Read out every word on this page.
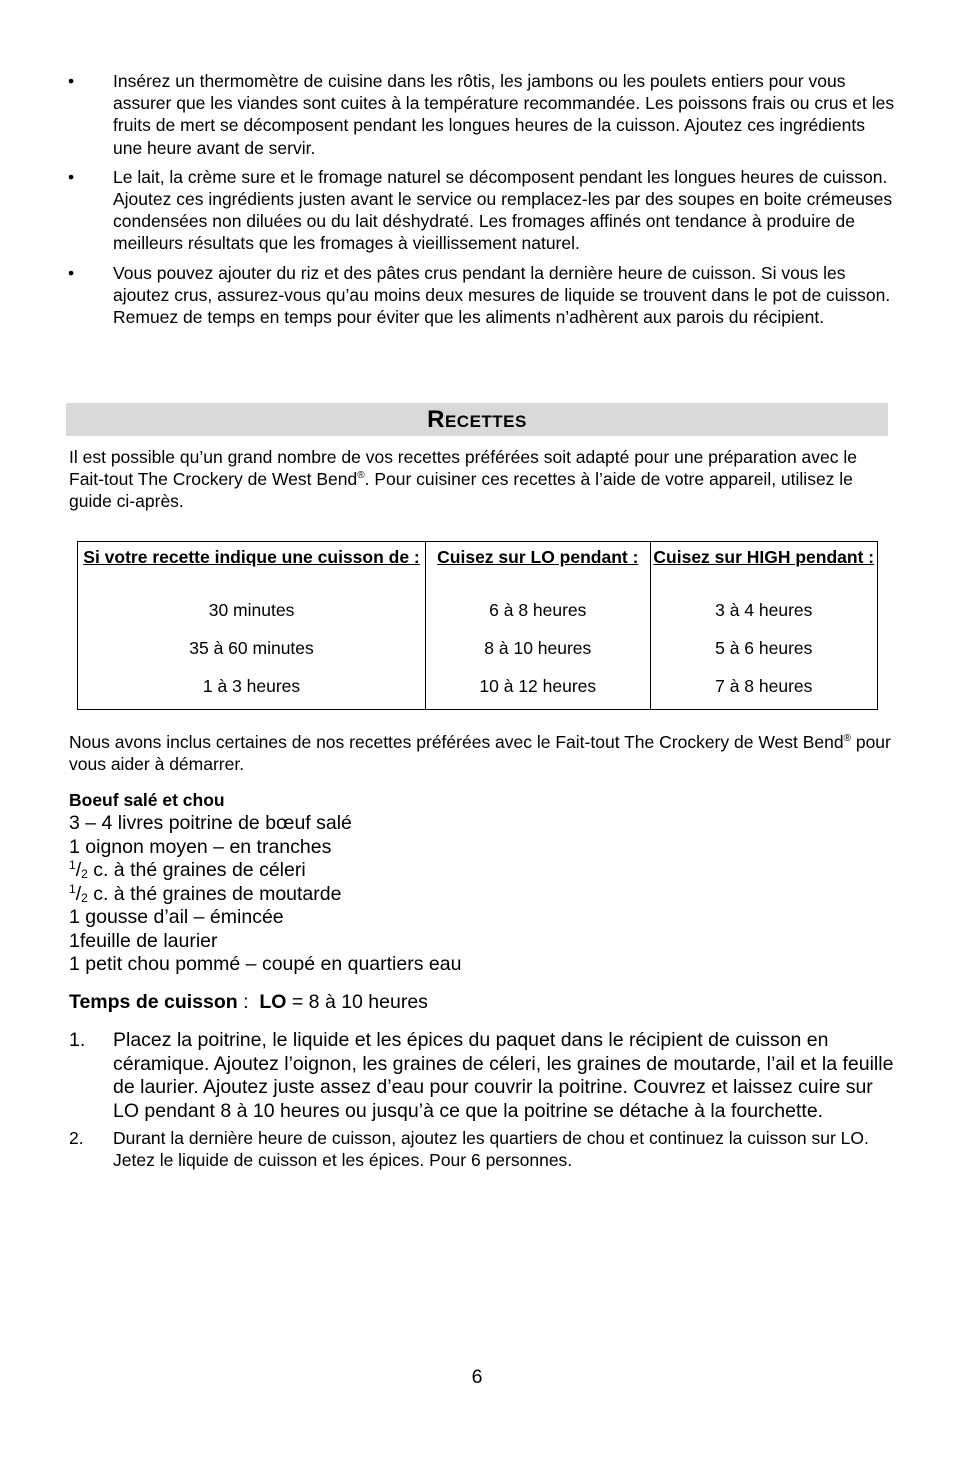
• Insérez un thermomètre de cuisine dans les rôtis, les jambons ou les poulets entiers pour vous assurer que les viandes sont cuites à la température recommandée. Les poissons frais ou crus et les fruits de mert se décomposent pendant les longues heures de la cuisson. Ajoutez ces ingrédients une heure avant de servir.
• Le lait, la crème sure et le fromage naturel se décomposent pendant les longues heures de cuisson. Ajoutez ces ingrédients justen avant le service ou remplacez-les par des soupes en boite crémeuses condensées non diluées ou du lait déshydraté. Les fromages affinés ont tendance à produire de meilleurs résultats que les fromages à vieillissement naturel.
• Vous pouvez ajouter du riz et des pâtes crus pendant la dernière heure de cuisson. Si vous les ajoutez crus, assurez-vous qu’au moins deux mesures de liquide se trouvent dans le pot de cuisson. Remuez de temps en temps pour éviter que les aliments n’adhèrent aux parois du récipient.
Recettes

Il est possible qu’un grand nombre de vos recettes préférées soit adapté pour une préparation avec le Fait-tout The Crockery de West Bend®. Pour cuisiner ces recettes à l’aide de votre appareil, utilisez le guide ci-après.

Si votre recette indique une cuisson de :	Cuisez sur LO pendant :	Cuisez sur HIGH pendant :
30 minutes	6 à 8 heures	3 à 4 heures
35 à 60 minutes	8 à 10 heures	5 à 6 heures
1 à 3 heures	10 à 12 heures	7 à 8 heures

Nous avons inclus certaines de nos recettes préférées avec le Fait-tout The Crockery de West Bend® pour vous aider à démarrer.

Boeuf salé et chou
3 – 4 livres poitrine de bœuf salé
1 oignon moyen – en tranches
$^1$/2 c. à thé graines de céleri
$^1$/2 c. à thé graines de moutarde
1 gousse d’ail – émincée
1feuille de laurier
1 petit chou pommé – coupé en quartiers eau
Temps de cuisson :  LO = 8 à 10 heures
1. Placez la poitrine, le liquide et les épices du paquet dans le récipient de cuisson en céramique. Ajoutez l’oignon, les graines de céleri, les graines de moutarde, l’ail et la feuille de laurier. Ajoutez juste assez d’eau pour couvrir la poitrine. Couvrez et laissez cuire sur LO pendant 8 à 10 heures ou jusqu’à ce que la poitrine se détache à la fourchette.
2. Durant la dernière heure de cuisson, ajoutez les quartiers de chou et continuez la cuisson sur LO. Jetez le liquide de cuisson et les épices. Pour 6 personnes.
6
